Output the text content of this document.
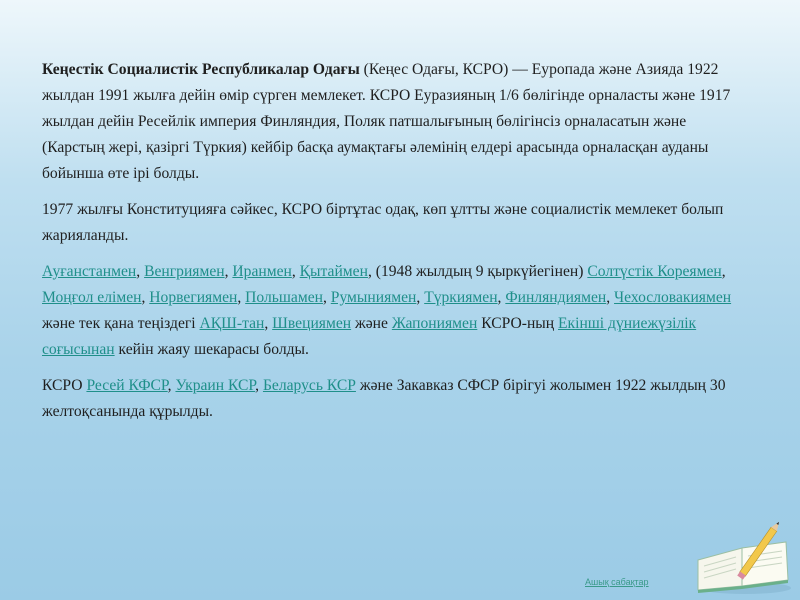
Кеңестік Социалистік Республикалар Одағы (Кеңес Одағы, КСРО) — Еуропада және Азияда 1922 жылдан 1991 жылға дейін өмір сүрген мемлекет. КСРО Еуразияның 1/6 бөлігінде орналасты және 1917 жылдан дейін Ресейлік империя Финляндия, Поляк патшалығының бөлігінсіз орналасатын және (Карстың жері, қазіргі Түркия) кейбір басқа аумақтағы әлемінің елдері арасында орналасқан ауданы бойынша өте ірі болды.

1977 жылғы Конституцияға сәйкес, КСРО біртұтас одақ, көп ұлтты және социалистік мемлекет болып жарияланды.

Ауғанстанмен, Венгриямен, Иранмен, Қытаймен, (1948 жылдың 9 қыркүйегінен) Солтүстік Кореямен, Моңғол елімен, Норвегиямен, Польшамен, Румыниямен, Түркиямен, Финляндиямен, Чехословакиямен және тек қана теңіздегі АҚШ-тан, Швециямен және Жапониямен КСРО-ның Екінші дүниежүзілік соғысынан кейін жаяу шекарасы болды.

КСРО Ресей КФСР, Украин КСР, Беларусь КСР және Закавказ СФСР бірігуі жолымен 1922 жылдың 30 желтоқсанында құрылды.

Ашық сабақтар
